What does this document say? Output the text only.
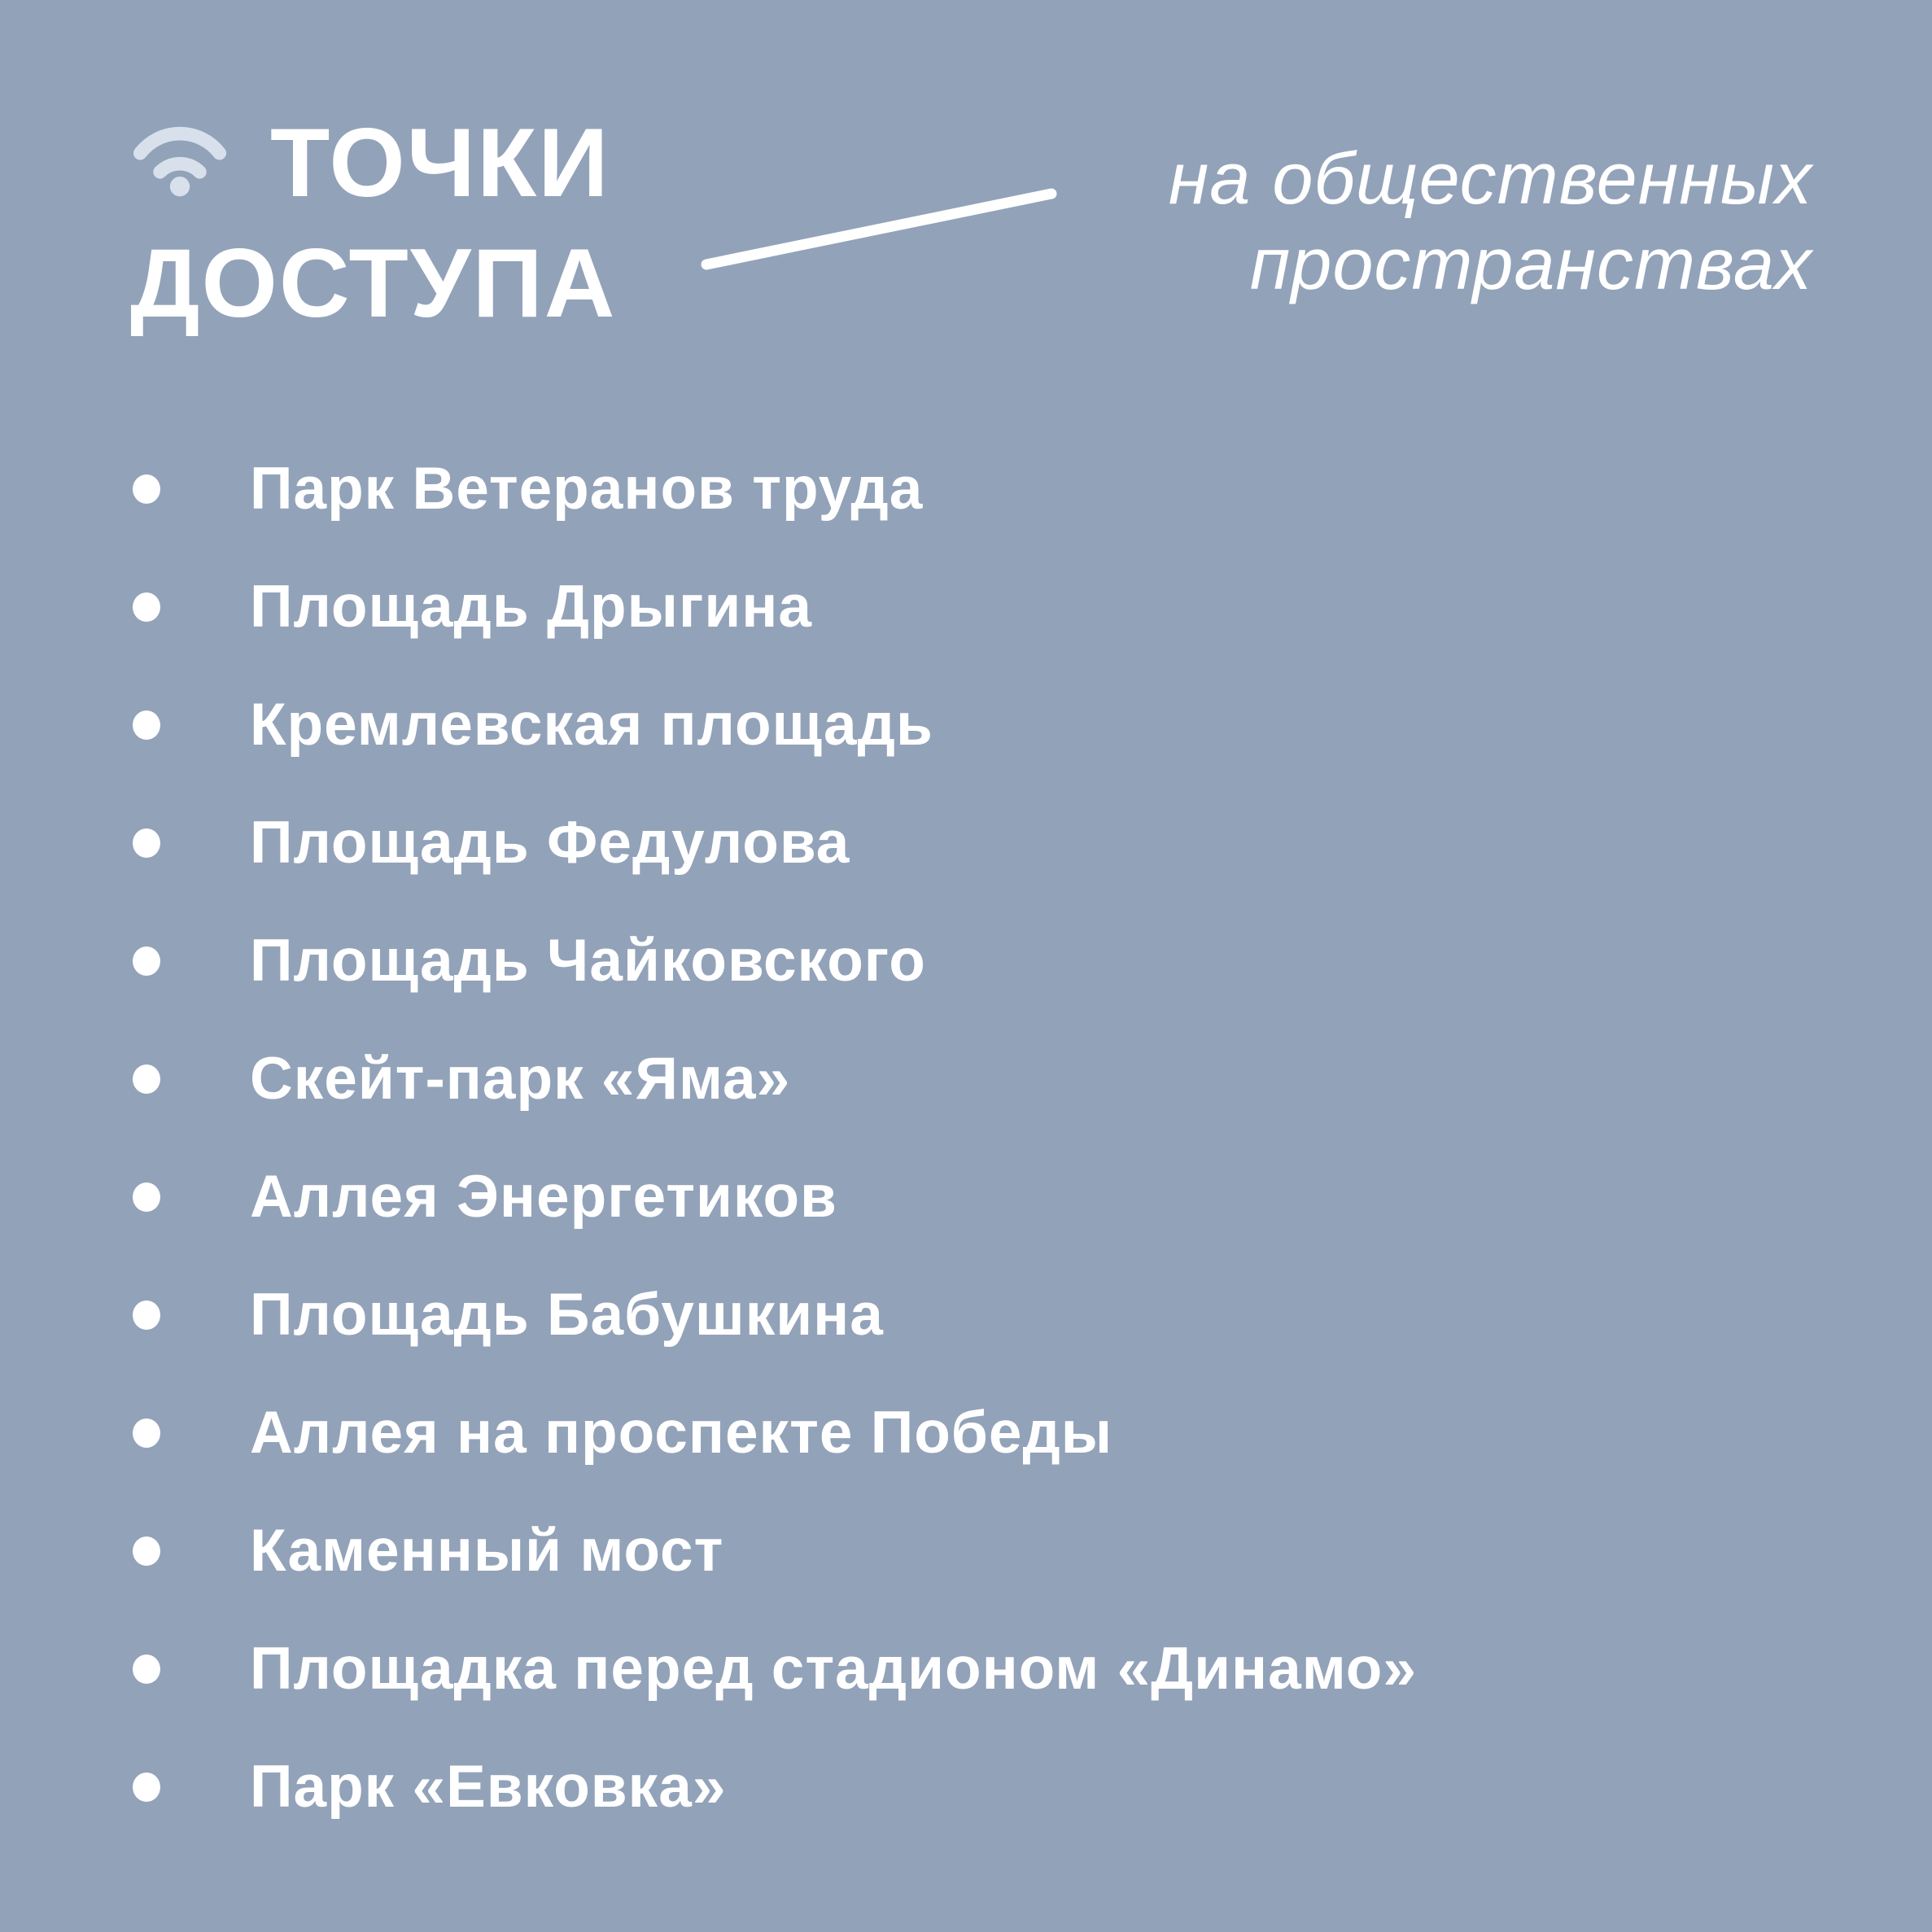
ТОЧКИ
ДОСТУПА

на общественных
пространствах

Парк Ветеранов труда
Площадь Дрыгина
Кремлевская площадь
Площадь Федулова
Площадь Чайковского
Скейт-парк «Яма»
Аллея Энергетиков
Площадь Бабушкина
Аллея на проспекте Победы
Каменный мост
Площадка перед стадионом «Динамо»
Парк «Евковка»
